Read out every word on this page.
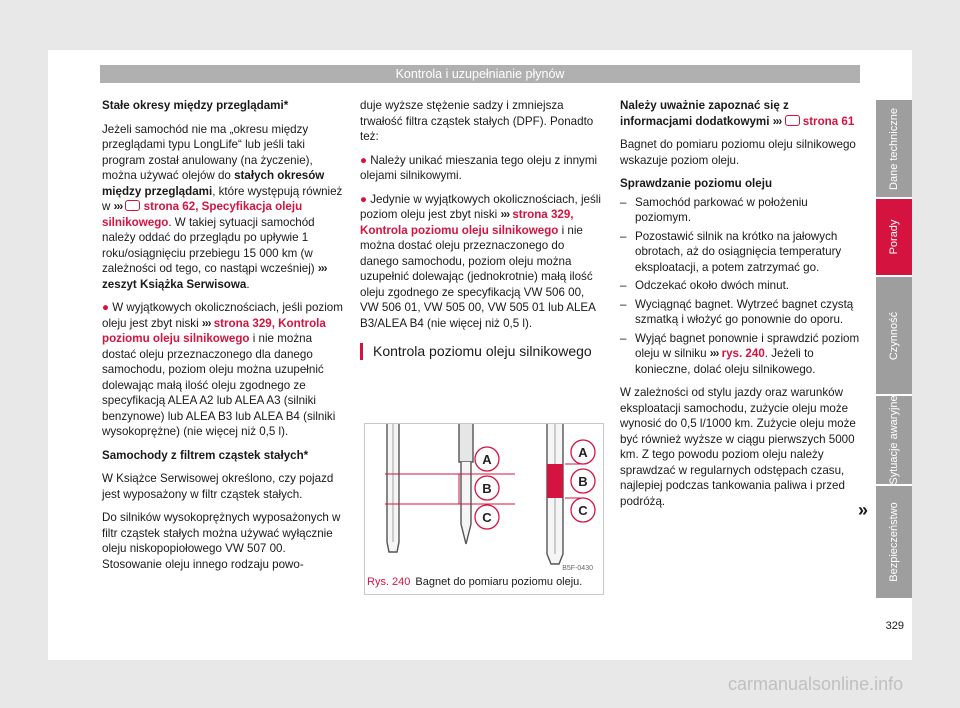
Kontrola i uzupełnianie płynów

Stałe okresy między przeglądami*

Jeżeli samochód nie ma „okresu między przeglądami typu LongLife“ lub jeśli taki program został anulowany (na życzenie), można używać olejów do stałych okresów między przeglądami, które występują również w ››› strona 62, Specyfikacja oleju silnikowego. W takiej sytuacji samochód należy oddać do przeglądu po upływie 1 roku/osiągnięciu przebiegu 15 000 km (w zależności od tego, co nastąpi wcześniej) ››› zeszyt Książka Serwisowa.

● W wyjątkowych okolicznościach, jeśli poziom oleju jest zbyt niski ››› strona 329, Kontrola poziomu oleju silnikowego i nie można dostać oleju przeznaczonego dla danego samochodu, poziom oleju można uzupełnić dolewając małą ilość oleju zgodnego ze specyfikacją ALEA A2 lub ALEA A3 (silniki benzynowe) lub ALEA B3 lub ALEA B4 (silniki wysokoprężne) (nie więcej niż 0,5 l).

Samochody z filtrem cząstek stałych*

W Książce Serwisowej określono, czy pojazd jest wyposażony w filtr cząstek stałych.

Do silników wysokoprężnych wyposażonych w filtr cząstek stałych można używać wyłącznie oleju niskopopiołowego VW 507 00. Stosowanie oleju innego rodzaju powo-

duje wyższe stężenie sadzy i zmniejsza trwałość filtra cząstek stałych (DPF). Ponadto też:

● Należy unikać mieszania tego oleju z innymi olejami silnikowymi.

● Jedynie w wyjątkowych okolicznościach, jeśli poziom oleju jest zbyt niski ››› strona 329, Kontrola poziomu oleju silnikowego i nie można dostać oleju przeznaczonego do danego samochodu, poziom oleju można uzupełnić dolewając (jednokrotnie) małą ilość oleju zgodnego ze specyfikacją VW 506 00, VW 506 01, VW 505 00, VW 505 01 lub ALEA B3/ALEA B4 (nie więcej niż 0,5 l).

Kontrola poziomu oleju silnikowego
A
B
C
A
B
C
B5F-0430
Rys. 240 Bagnet do pomiaru poziomu oleju.

Należy uważnie zapoznać się z informacjami dodatkowymi ››› strona 61

Bagnet do pomiaru poziomu oleju silnikowego wskazuje poziom oleju.

Sprawdzanie poziomu oleju

– Samochód parkować w położeniu poziomym.
– Pozostawić silnik na krótko na jałowych obrotach, aż do osiągnięcia temperatury eksploatacji, a potem zatrzymać go.
– Odczekać około dwóch minut.
– Wyciągnąć bagnet. Wytrzeć bagnet czystą szmatką i włożyć go ponownie do oporu.
– Wyjąć bagnet ponownie i sprawdzić poziom oleju w silniku ››› rys. 240. Jeżeli to konieczne, dolać oleju silnikowego.

W zależności od stylu jazdy oraz warunków eksploatacji samochodu, zużycie oleju może wynosić do 0,5 l/1000 km. Zużycie oleju może być również wyższe w ciągu pierwszych 5000 km. Z tego powodu poziom oleju należy sprawdzać w regularnych odstępach czasu, najlepiej podczas tankowania paliwa i przed podróżą.	»
Dane techniczne
Porady
Czynność
Sytuacje awaryjne
Bezpieczeństwo
329
carmanualsonline.info
